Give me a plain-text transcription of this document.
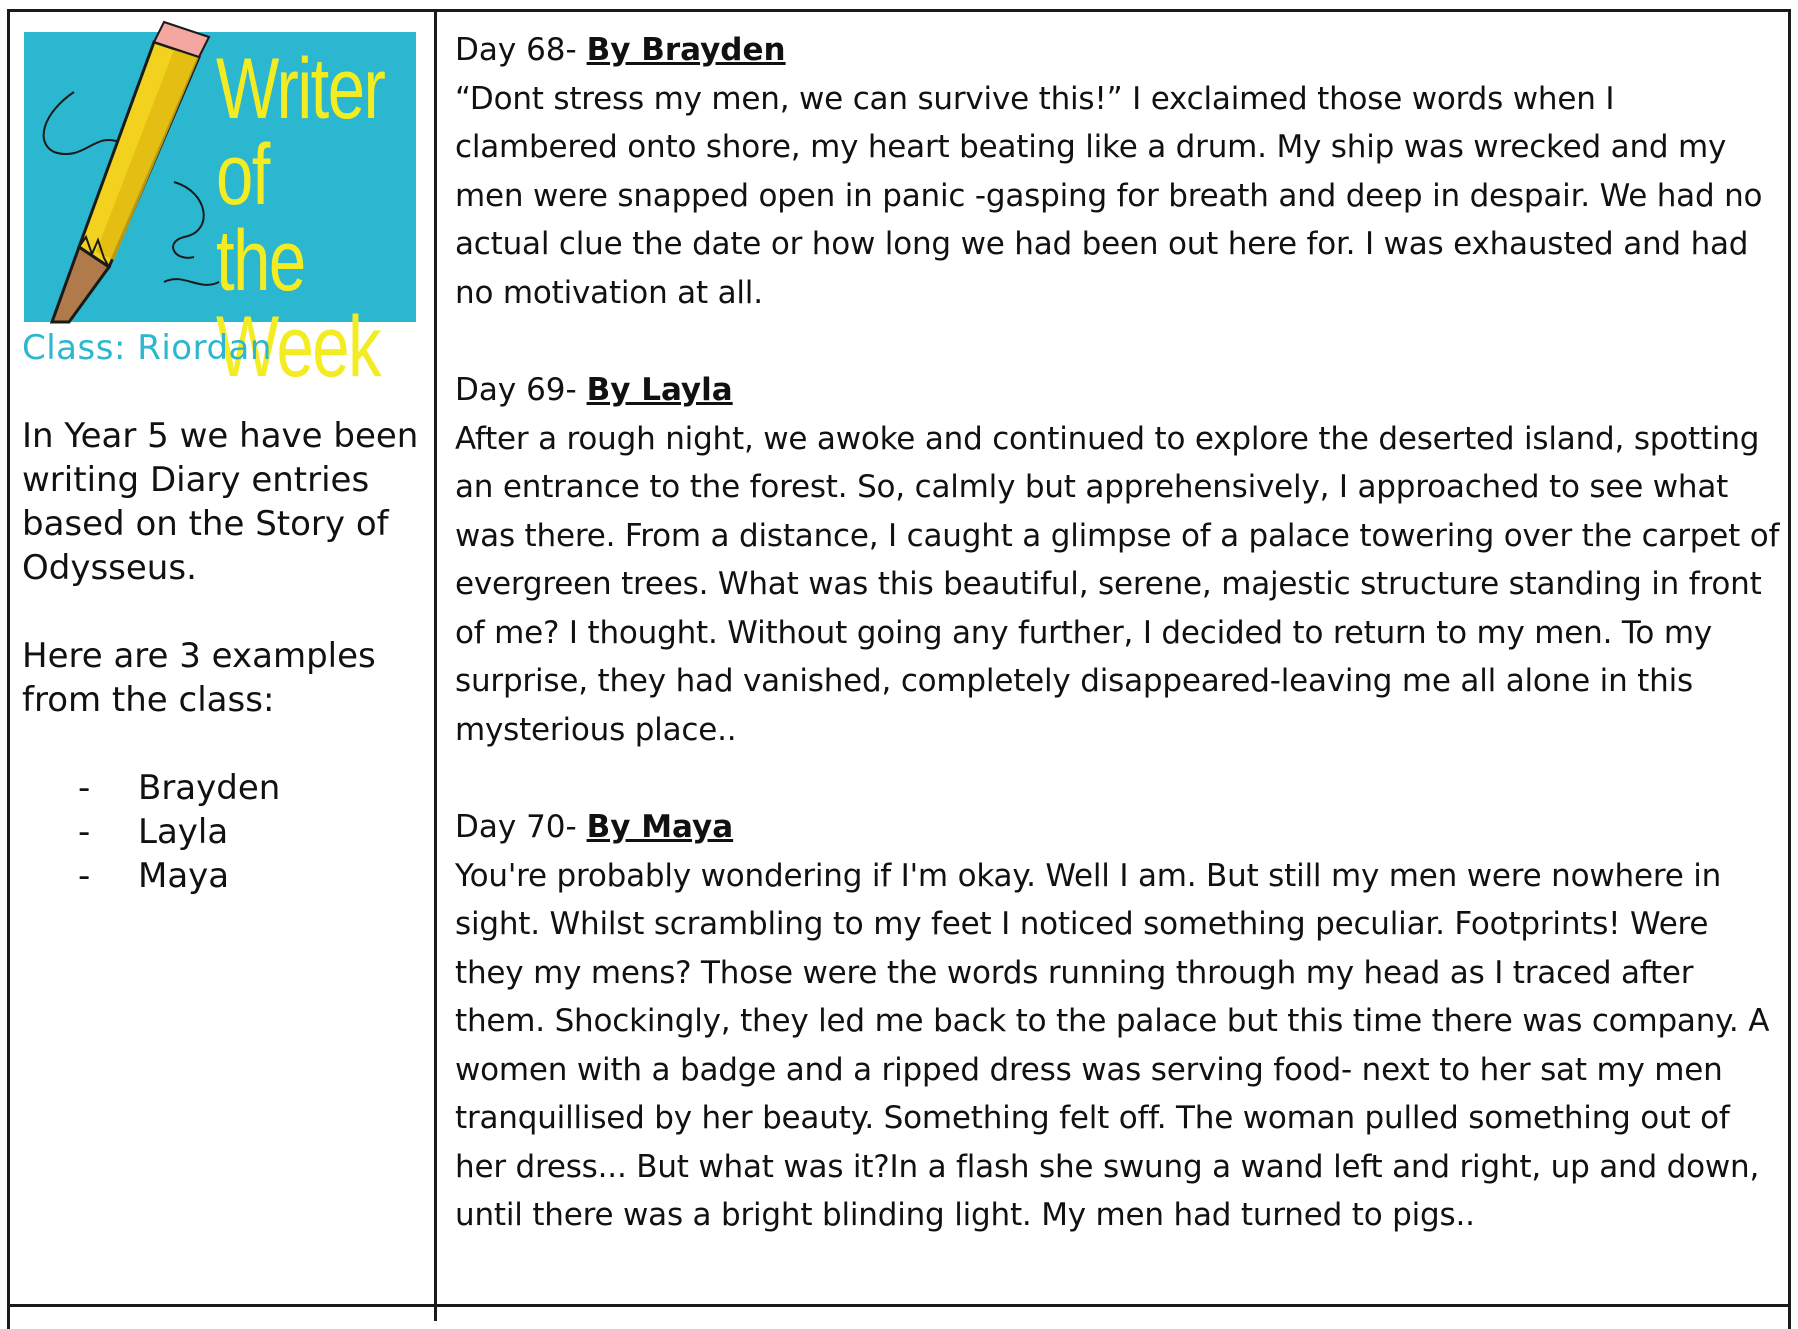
Writer
of the
Week
Class: Riordan
In Year 5 we have been writing Diary entries based on the Story of Odysseus.
Here are 3 examples from the class:
-	Brayden
-	Layla
-	Maya
Day 68- By Brayden
“Dont stress my men, we can survive this!” I exclaimed those words when I clambered onto shore, my heart beating like a drum. My ship was wrecked and my men were snapped open in panic -gasping for breath and deep in despair. We had no actual clue the date or how long we had been out here for. I was exhausted and had no motivation at all.
Day 69- By Layla
After a rough night, we awoke and continued to explore the deserted island, spotting an entrance to the forest. So, calmly but apprehensively, I approached to see what was there. From a distance, I caught a glimpse of a palace towering over the carpet of evergreen trees. What was this beautiful, serene, majestic structure standing in front of me? I thought. Without going any further, I decided to return to my men. To my surprise, they had vanished, completely disappeared-leaving me all alone in this mysterious place..
Day 70- By Maya
You're probably wondering if I'm okay. Well I am. But still my men were nowhere in sight. Whilst scrambling to my feet I noticed something peculiar. Footprints! Were they my mens? Those were the words running through my head as I traced after them. Shockingly, they led me back to the palace but this time there was company. A women with a badge and a ripped dress was serving food- next to her sat my men tranquillised by her beauty. Something felt off. The woman pulled something out of her dress... But what was it?In a flash she swung a wand left and right, up and down, until there was a bright blinding light. My men had turned to pigs..
